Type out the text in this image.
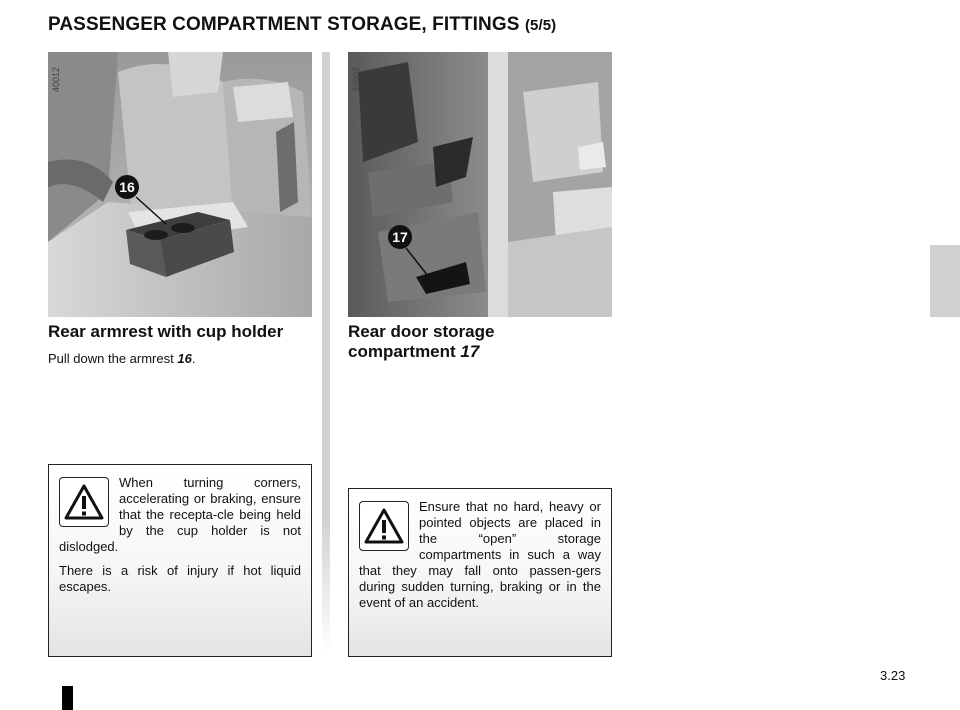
PASSENGER COMPARTMENT STORAGE, FITTINGS (5/5)
16
40012
17
39992
Rear armrest with cup holder
Pull down the armrest 16.
Rear door storage
compartment 17

When turning corners, accelerating or braking, ensure that the recepta-cle being held by the cup holder is not dislodged.

There is a risk of injury if hot liquid escapes.

Ensure that no hard, heavy or pointed objects are placed in the “open” storage compartments in such a way that they may fall onto passen-gers during sudden turning, braking or in the event of an accident.

3.23
